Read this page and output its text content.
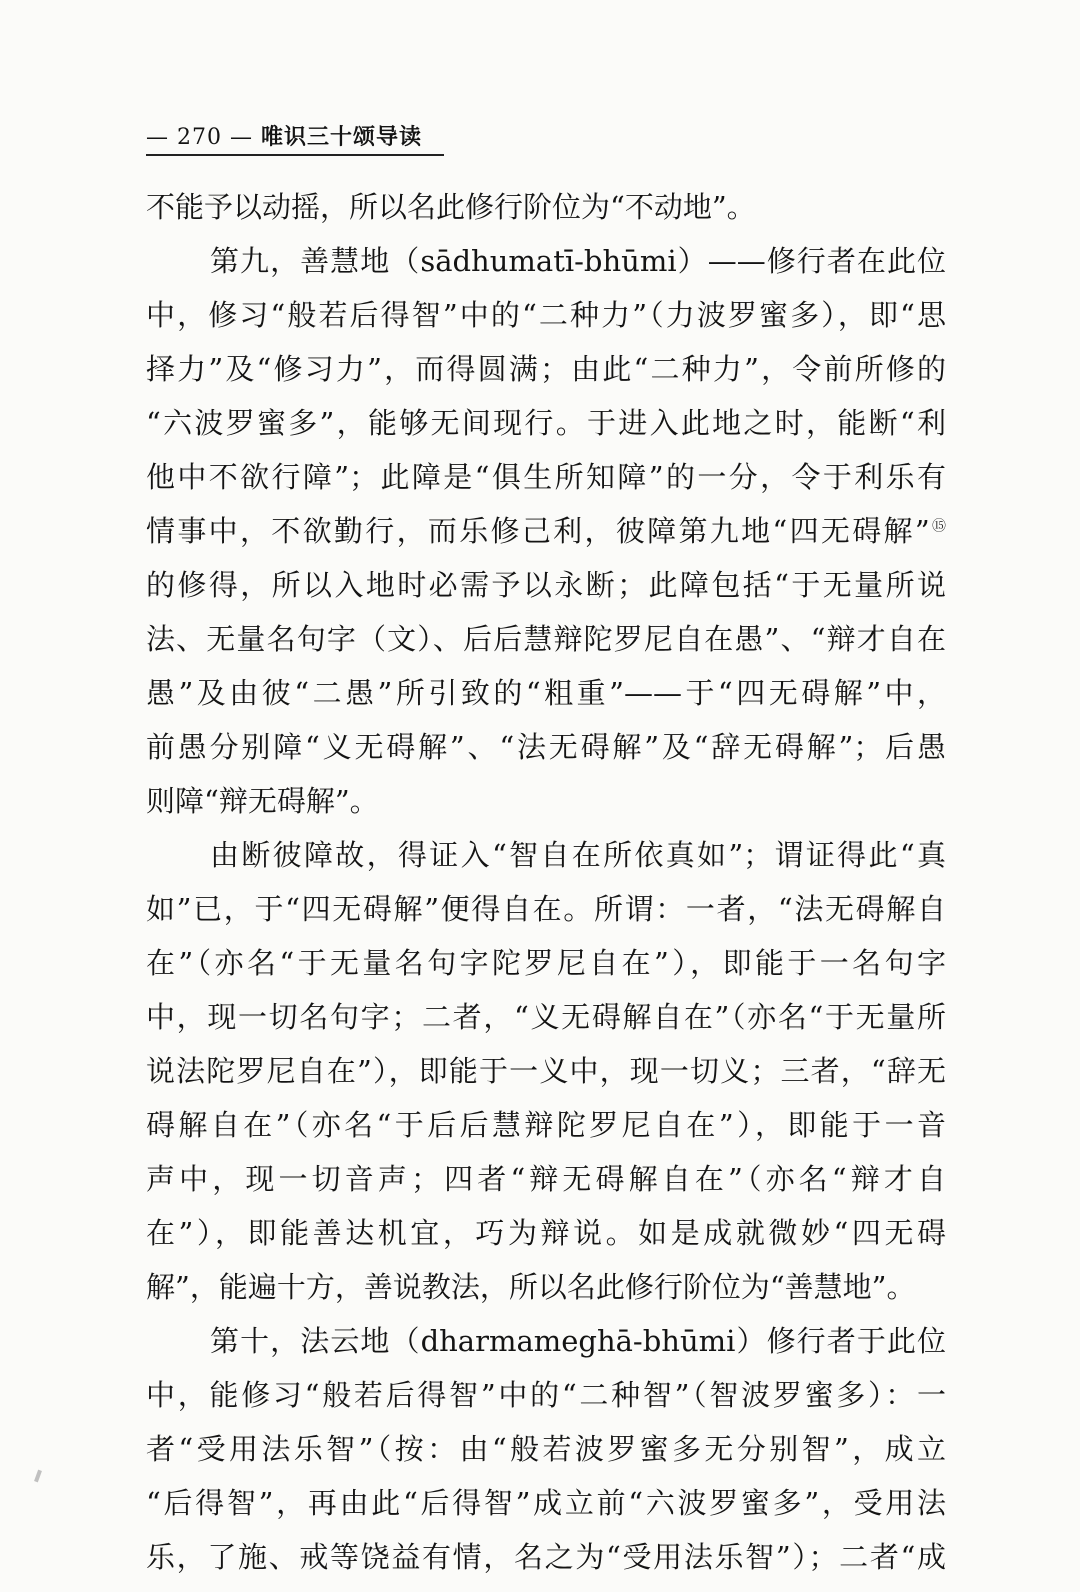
— 270 — 唯识三十颂导读
不能予以动摇，所以名此修行阶位为“不动地”。
第九，善慧地（sādhumatī-bhūmi）——修行者在此位
中，修习“般若后得智”中的“二种力”（力波罗蜜多），即“思
择力”及“修习力”，而得圆满；由此“二种力”，令前所修的
“六波罗蜜多”，能够无间现行。于进入此地之时，能断“利
他中不欲行障”；此障是“俱生所知障”的一分，令于利乐有
情事中，不欲勤行，而乐修己利，彼障第九地“四无碍解”⑮
的修得，所以入地时必需予以永断；此障包括“于无量所说
法、无量名句字（文）、后后慧辩陀罗尼自在愚”、“辩才自在
愚”及由彼“二愚”所引致的“粗重”——于“四无碍解”中，
前愚分别障“义无碍解”、“法无碍解”及“辞无碍解”；后愚
则障“辩无碍解”。
由断彼障故，得证入“智自在所依真如”；谓证得此“真
如”已，于“四无碍解”便得自在。所谓：一者，“法无碍解自
在”（亦名“于无量名句字陀罗尼自在”），即能于一名句字
中，现一切名句字；二者，“义无碍解自在”（亦名“于无量所
说法陀罗尼自在”），即能于一义中，现一切义；三者，“辞无
碍解自在”（亦名“于后后慧辩陀罗尼自在”），即能于一音
声中，现一切音声；四者“辩无碍解自在”（亦名“辩才自
在”），即能善达机宜，巧为辩说。如是成就微妙“四无碍
解”，能遍十方，善说教法，所以名此修行阶位为“善慧地”。
第十，法云地（dharmameghā-bhūmi）修行者于此位
中，能修习“般若后得智”中的“二种智”（智波罗蜜多）：一
者“受用法乐智”（按：由“般若波罗蜜多无分别智”，成立
“后得智”，再由此“后得智”成立前“六波罗蜜多”，受用法
乐，了施、戒等饶益有情，名之为“受用法乐智”）；二者“成
